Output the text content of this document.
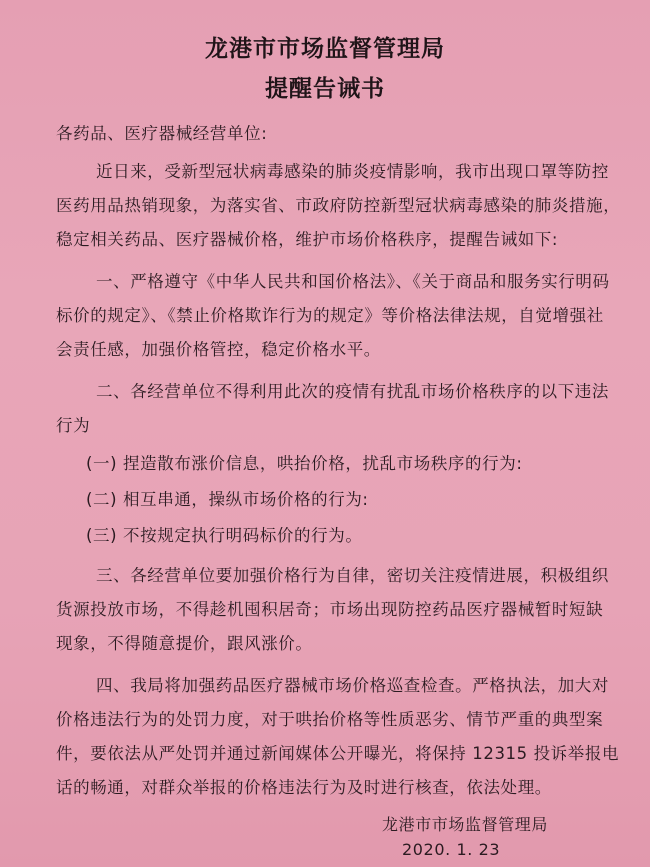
龙港市市场监督管理局
提醒告诫书
各药品、医疗器械经营单位:
近日来，受新型冠状病毒感染的肺炎疫情影响，我市出现口罩等防控
医药用品热销现象，为落实省、市政府防控新型冠状病毒感染的肺炎措施，
稳定相关药品、医疗器械价格，维护市场价格秩序，提醒告诫如下:
一、严格遵守《中华人民共和国价格法》、《关于商品和服务实行明码
标价的规定》、《禁止价格欺诈行为的规定》等价格法律法规，自觉增强社
会责任感，加强价格管控，稳定价格水平。
二、各经营单位不得利用此次的疫情有扰乱市场价格秩序的以下违法
行为
(一) 捏造散布涨价信息，哄抬价格，扰乱市场秩序的行为:
(二) 相互串通，操纵市场价格的行为:
(三) 不按规定执行明码标价的行为。
三、各经营单位要加强价格行为自律，密切关注疫情进展，积极组织
货源投放市场，不得趁机囤积居奇；市场出现防控药品医疗器械暂时短缺
现象，不得随意提价，跟风涨价。
四、我局将加强药品医疗器械市场价格巡查检查。严格执法，加大对
价格违法行为的处罚力度，对于哄抬价格等性质恶劣、情节严重的典型案
件，要依法从严处罚并通过新闻媒体公开曝光，将保持 12315 投诉举报电
话的畅通，对群众举报的价格违法行为及时进行核查，依法处理。
龙港市市场监督管理局
2020. 1. 23
